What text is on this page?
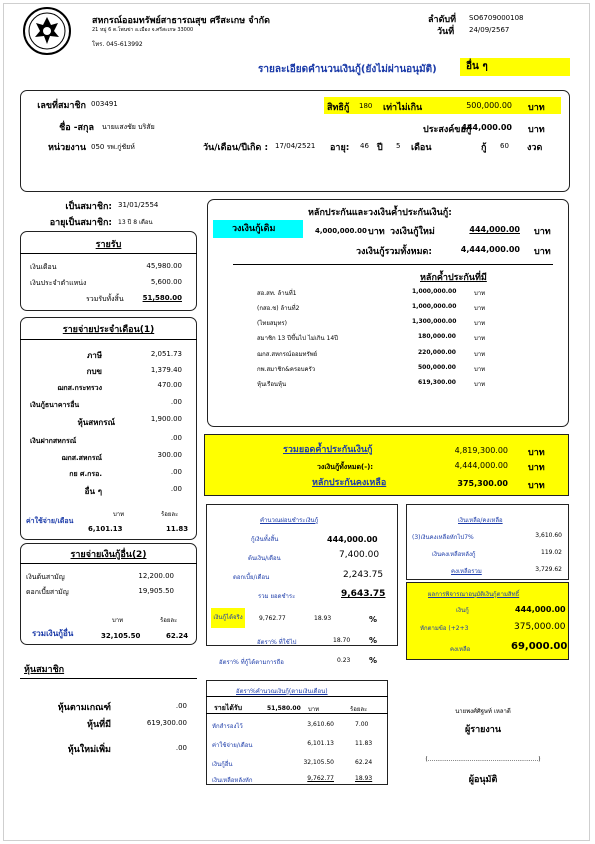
สหกรณ์ออมทรัพย์สาธารณสุข ศรีสะเกษ จำกัด
21 หมู่ 6 ต.โพนข่า อ.เมือง จ.ศรีสะเกษ 33000
โทร. 045-613992
ลำดับที่ SO6709000108
วันที่ 24/09/2567
รายละเอียดคำนวนเงินกู้(ยังไม่ผ่านอนุมัติ)	อื่น ๆ
เลขที่สมาชิก 003491
ชื่อ -สกุล นายแสงชัย บริสัย
หน่วยงาน 050 รพ.กู่ชัยห์	วัน/เดือน/ปีเกิด : 17/04/2521 อายุ: 46 ปี 5 เดือน
สิทธิกู้ 180 เท่าไม่เกิน	500,000.00 บาท
ประสงค์ขอกู้
444,000.00 บาท
กู้ 60 งวด
เป็นสมาชิก: 31/01/2554
อายุเป็นสมาชิก: 13 ปี 8 เดือน
รายรับ
เงินเดือน	45,980.00
เงินประจำตำแหน่ง	5,600.00
รวมรับทั้งสิ้น	51,580.00
รายจ่ายประจำเดือน(1)
ภาษี	2,051.73
กบข	1,379.40
ฌกส.กระทรวง	470.00
เงินกู้ธนาคารอื่น	.00
หุ้นสหกรณ์	1,900.00
เงินฝากสหกรณ์	.00
ฌกส.สหกรณ์	300.00
กย ศ.กรอ.	.00
อื่น ๆ	.00
บาท	ร้อยละ
ค่าใช้จ่าย/เดือน
6,101.13	11.83
รายจ่ายเงินกู้อื่น(2)
เงินต้นสามัญ	12,200.00
ดอกเบี้ยสามัญ	19,905.50
บาท	ร้อยละ
รวมเงินกู้อื่น	32,105.50	62.24
หุ้นสมาชิก
หุ้นตามเกณฑ์	.00
หุ้นที่มี	619,300.00
หุ้นใหม่เพิ่ม	.00
หลักประกันและวงเงินค้ำประกันเงินกู้:
วงเงินกู้เดิม	4,000,000.00 บาท วงเงินกู้ใหม่	444,000.00 บาท
วงเงินกู้รวมทั้งหมด:	4,444,000.00 บาท
หลักค้ำประกันที่มี
สอ.สท. ล้านที่1	1,000,000.00	บาท
(กสอ.ช) ล้านที่2	1,000,000.00	บาท
(ไทยสมุทร)	1,300,000.00	บาท
สมาชิก 13 ปีขึ้นไป ไม่เกิน 14ปี	180,000.00	บาท
ฌกส.สหกรณ์ออมทรัพย์	220,000.00	บาท
กพ.สมาชิก&ครอบครัว	500,000.00	บาท
หุ้นเรือนหุ้น	619,300.00	บาท
รวมยอดค้ำประกันเงินกู้	4,819,300.00 บาท
วงเงินกู้ทั้งหมด(-):	4,444,000.00 บาท
หลักประกันคงเหลือ	375,300.00 บาท
คำนวณผ่อนชำระเงินกู้
กู้เงินทั้งสิ้น	444,000.00
ต้นเงิน/เดือน	7,400.00
ดอกเบี้ย/เดือน	2,243.75
รวม ยอดชำระ	9,643.75
เงินกู้ได้จริง	9,762.77	18.93	%
อัตรา% ที่ใช้ไป	18.70 %
อัตรา% ที่กู้ได้ตามการถือ	0.23 %
เงินเหลือ/คงเหลือ
(3)เงินคงเหลือหักไป7%	3,610.60
เงินคงเหลือหลังกู้	119.02
คงเหลือรวม	3,729.62
ผลการพิจารณาอนุมัติเงินกู้ตามสิทธิ์
เงินกู้	444,000.00
หักตามข้อ (+2+3	375,000.00
คงเหลือ	69,000.00
อัตรา%คำนวณเงินกู้(ตามเงินเดือน)
รายได้รับ	51,580.00 บาท	ร้อยละ
หักสำรองไว้	3,610.60	7.00
ค่าใช้จ่าย/เดือน	6,101.13	11.83
เงินกู้อื่น	32,105.50	62.24
เงินเหลือหลังหัก	9,762.77	18.93
นายพงศ์ศิฐษท์ เหลาดี
ผู้รายงาน
(..........................................................)
ผู้อนุมัติ
